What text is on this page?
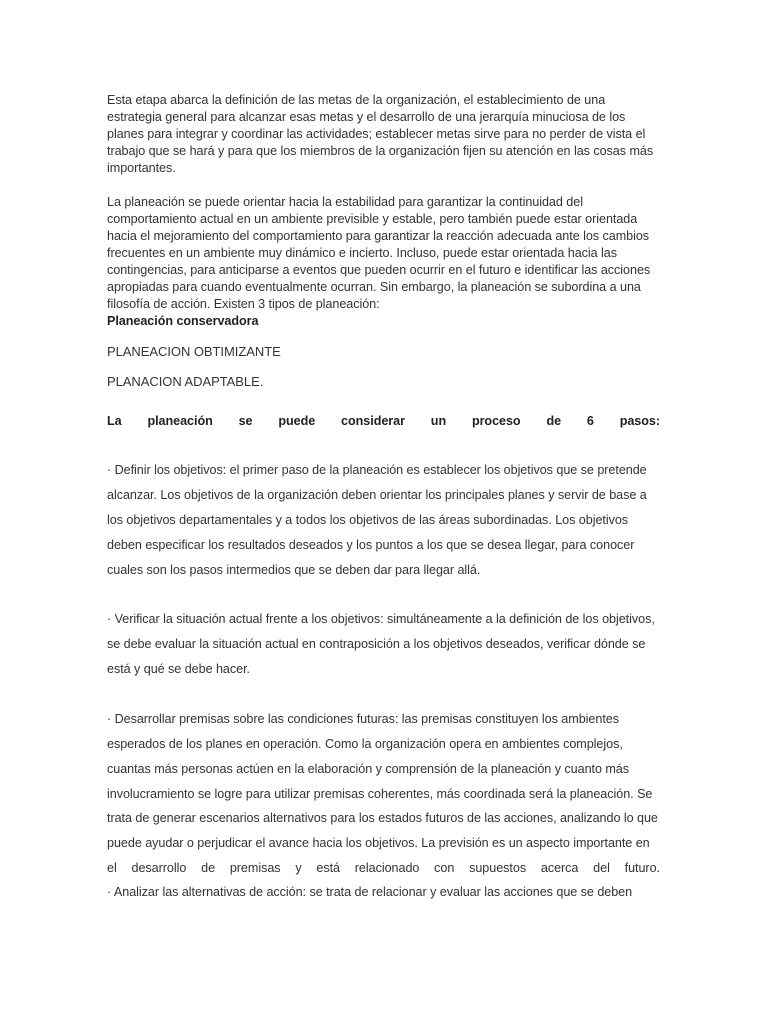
Esta etapa abarca la definición de las metas de la organización, el establecimiento de una
estrategia general para alcanzar esas metas y el desarrollo de una jerarquía minuciosa de los
planes para integrar y coordinar las actividades; establecer metas sirve para no perder de vista el
trabajo que se hará y para que los miembros de la organización fijen su atención en las cosas más
importantes.
La planeación se puede orientar hacia la estabilidad para garantizar la continuidad del
comportamiento actual en un ambiente previsible y estable, pero también puede estar orientada
hacia el mejoramiento del comportamiento para garantizar la reacción adecuada ante los cambios
frecuentes en un ambiente muy dinámico e incierto. Incluso, puede estar orientada hacia las
contingencias, para anticiparse a eventos que pueden ocurrir en el futuro e identificar las acciones
apropiadas para cuando eventualmente ocurran. Sin embargo, la planeación se subordina a una
filosofía de acción. Existen 3 tipos de planeación:
Planeación conservadora
PLANEACION OBTIMIZANTE
PLANACION ADAPTABLE.
La planeación se puede considerar un proceso de 6 pasos:
· Definir los objetivos: el primer paso de la planeación es establecer los objetivos que se pretende
alcanzar. Los objetivos de la organización deben orientar los principales planes y servir de base a
los objetivos departamentales y a todos los objetivos de las áreas subordinadas. Los objetivos
deben especificar los resultados deseados y los puntos a los que se desea llegar, para conocer
cuales son los pasos intermedios que se deben dar para llegar allá.
· Verificar la situación actual frente a los objetivos: simultáneamente a la definición de los objetivos,
se debe evaluar la situación actual en contraposición a los objetivos deseados, verificar dónde se
está y qué se debe hacer.
· Desarrollar premisas sobre las condiciones futuras: las premisas constituyen los ambientes
esperados de los planes en operación. Como la organización opera en ambientes complejos,
cuantas más personas actúen en la elaboración y comprensión de la planeación y cuanto más
involucramiento se logre para utilizar premisas coherentes, más coordinada será la planeación. Se
trata de generar escenarios alternativos para los estados futuros de las acciones, analizando lo que
puede ayudar o perjudicar el avance hacia los objetivos. La previsión es un aspecto importante en
el desarrollo de premisas y está relacionado con supuestos acerca del futuro.
· Analizar las alternativas de acción: se trata de relacionar y evaluar las acciones que se deben
